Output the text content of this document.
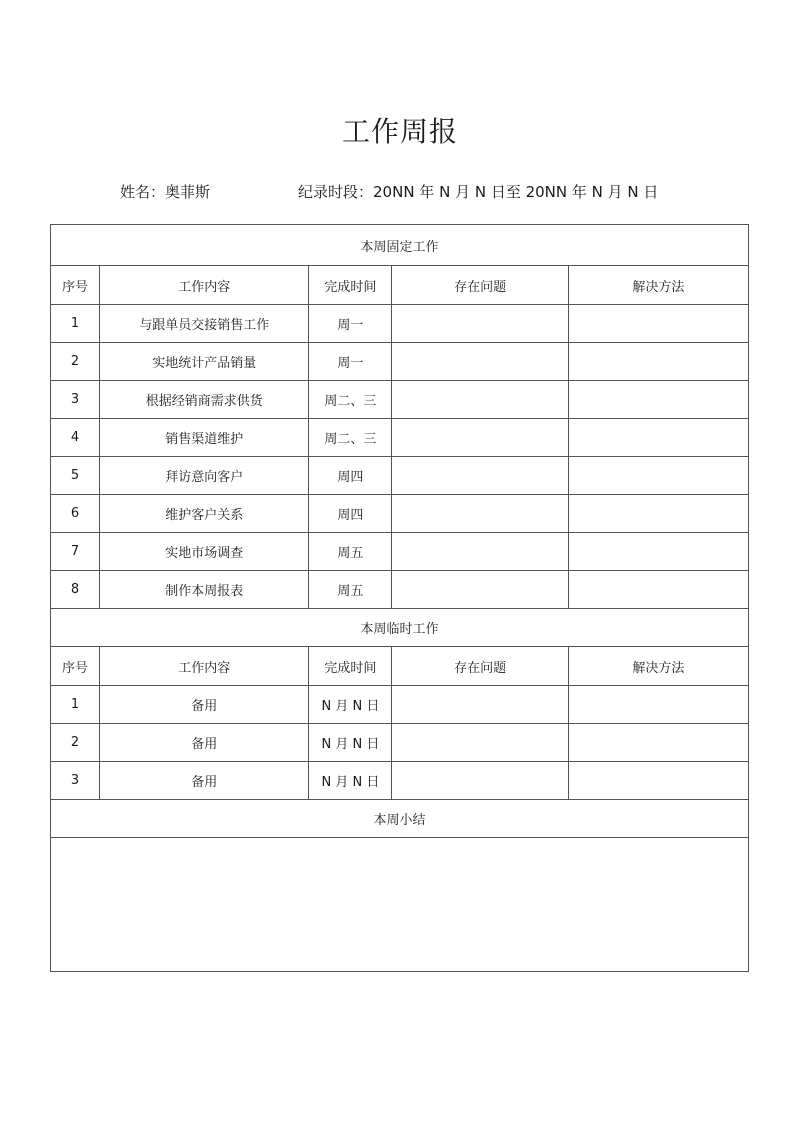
工作周报
姓名：奥菲斯	纪录时段：20NN 年 N 月 N 日至 20NN 年 N 月 N 日
本周固定工作				
序号	工作内容	完成时间	存在问题	解决方法
1	与跟单员交接销售工作	周一		
2	实地统计产品销量	周一		
3	根据经销商需求供货	周二、三		
4	销售渠道维护	周二、三		
5	拜访意向客户	周四		
6	维护客户关系	周四		
7	实地市场调查	周五		
8	制作本周报表	周五		
本周临时工作				
序号	工作内容	完成时间	存在问题	解决方法
1	备用	N 月 N 日		
2	备用	N 月 N 日		
3	备用	N 月 N 日		
本周小结				
